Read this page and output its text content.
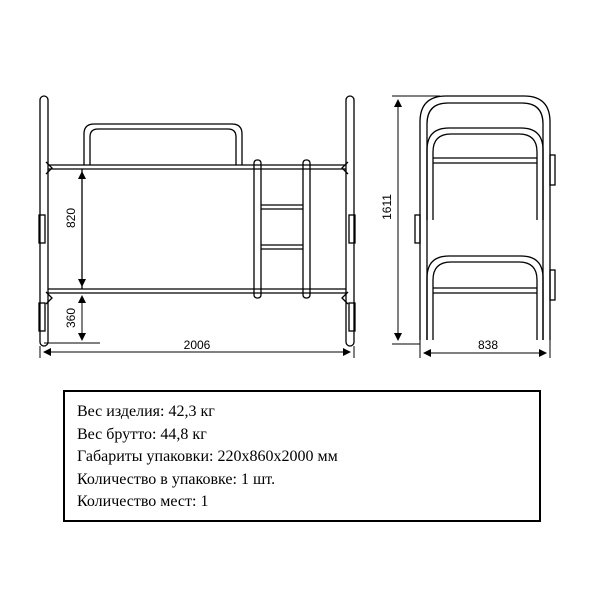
820
360
2006
1611
838
Вес изделия: 42,3 кг
Вес брутто: 44,8 кг
Габариты упаковки: 220х860х2000 мм
Количество в упаковке: 1 шт.
Количество мест: 1
